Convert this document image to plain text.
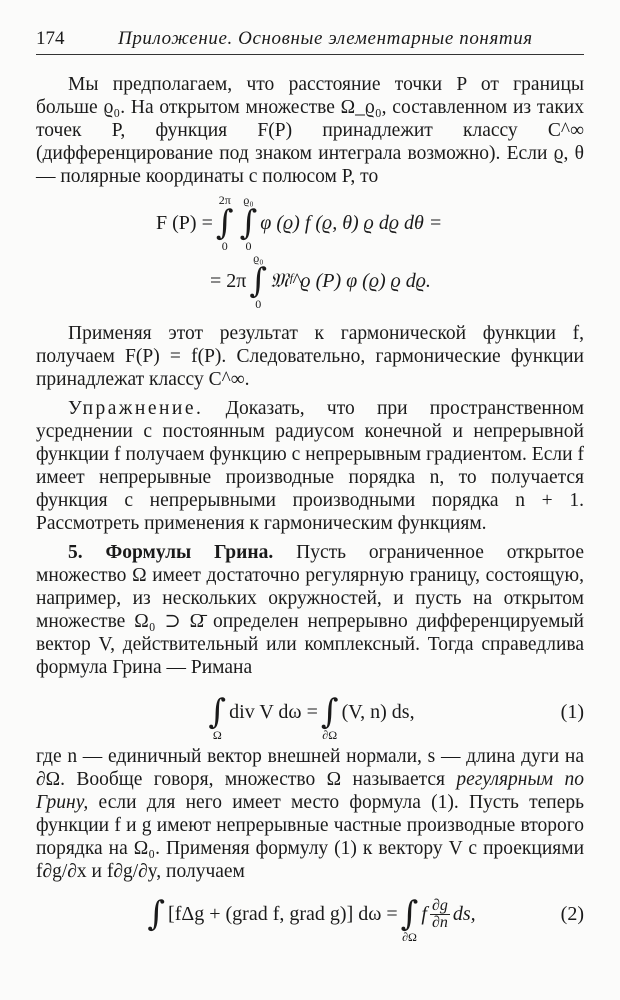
174	Приложение. Основные элементарные понятия

Мы предполагаем, что расстояние точки P от границы больше ϱ₀. На открытом множестве Ω_ϱ₀, составленном из таких точек P, функция F(P) принадлежит классу C^∞ (дифференцирование под знаком интеграла возможно). Если ϱ, θ — полярные координаты с полюсом P, то

F (P) =
2π
∫
0
ϱ₀
∫
0
φ (ϱ) f (ϱ, θ) ϱ dϱ dθ =
= 2π
ϱ₀
∫
0
𝔐ᶠ^ϱ (P) φ (ϱ) ϱ dϱ.

Применяя этот результат к гармонической функции f, получаем F(P) = f(P). Следовательно, гармонические функции принадлежат классу C^∞.

Упражнение. Доказать, что при пространственном усреднении с постоянным радиусом конечной и непрерывной функции f получаем функцию с непрерывным градиентом. Если f имеет непрерывные производные порядка n, то получается функция с непрерывными производными порядка n + 1. Рассмотреть применения к гармоническим функциям.

5. Формулы Грина. Пусть ограниченное открытое множество Ω имеет достаточно регулярную границу, состоящую, например, из нескольких окружностей, и пусть на открытом множестве Ω₀ ⊃ Ω̄ определен непрерывно дифференцируемый вектор V, действительный или комплексный. Тогда справедлива формула Грина — Римана

∫
Ω
div V dω =
∫
∂Ω
(V, n) ds,	(1)

где n — единичный вектор внешней нормали, s — длина дуги на ∂Ω. Вообще говоря, множество Ω называется регулярным по Грину, если для него имеет место формула (1). Пусть теперь функции f и g имеют непрерывные частные производные второго порядка на Ω₀. Применяя формулу (1) к вектору V с проекциями f∂g/∂x и f∂g/∂y, получаем

∫
[fΔg + (grad f, grad g)] dω =
∫
∂Ω
f $\frac{\partial g}{\partial n}$ ds,	(2)
